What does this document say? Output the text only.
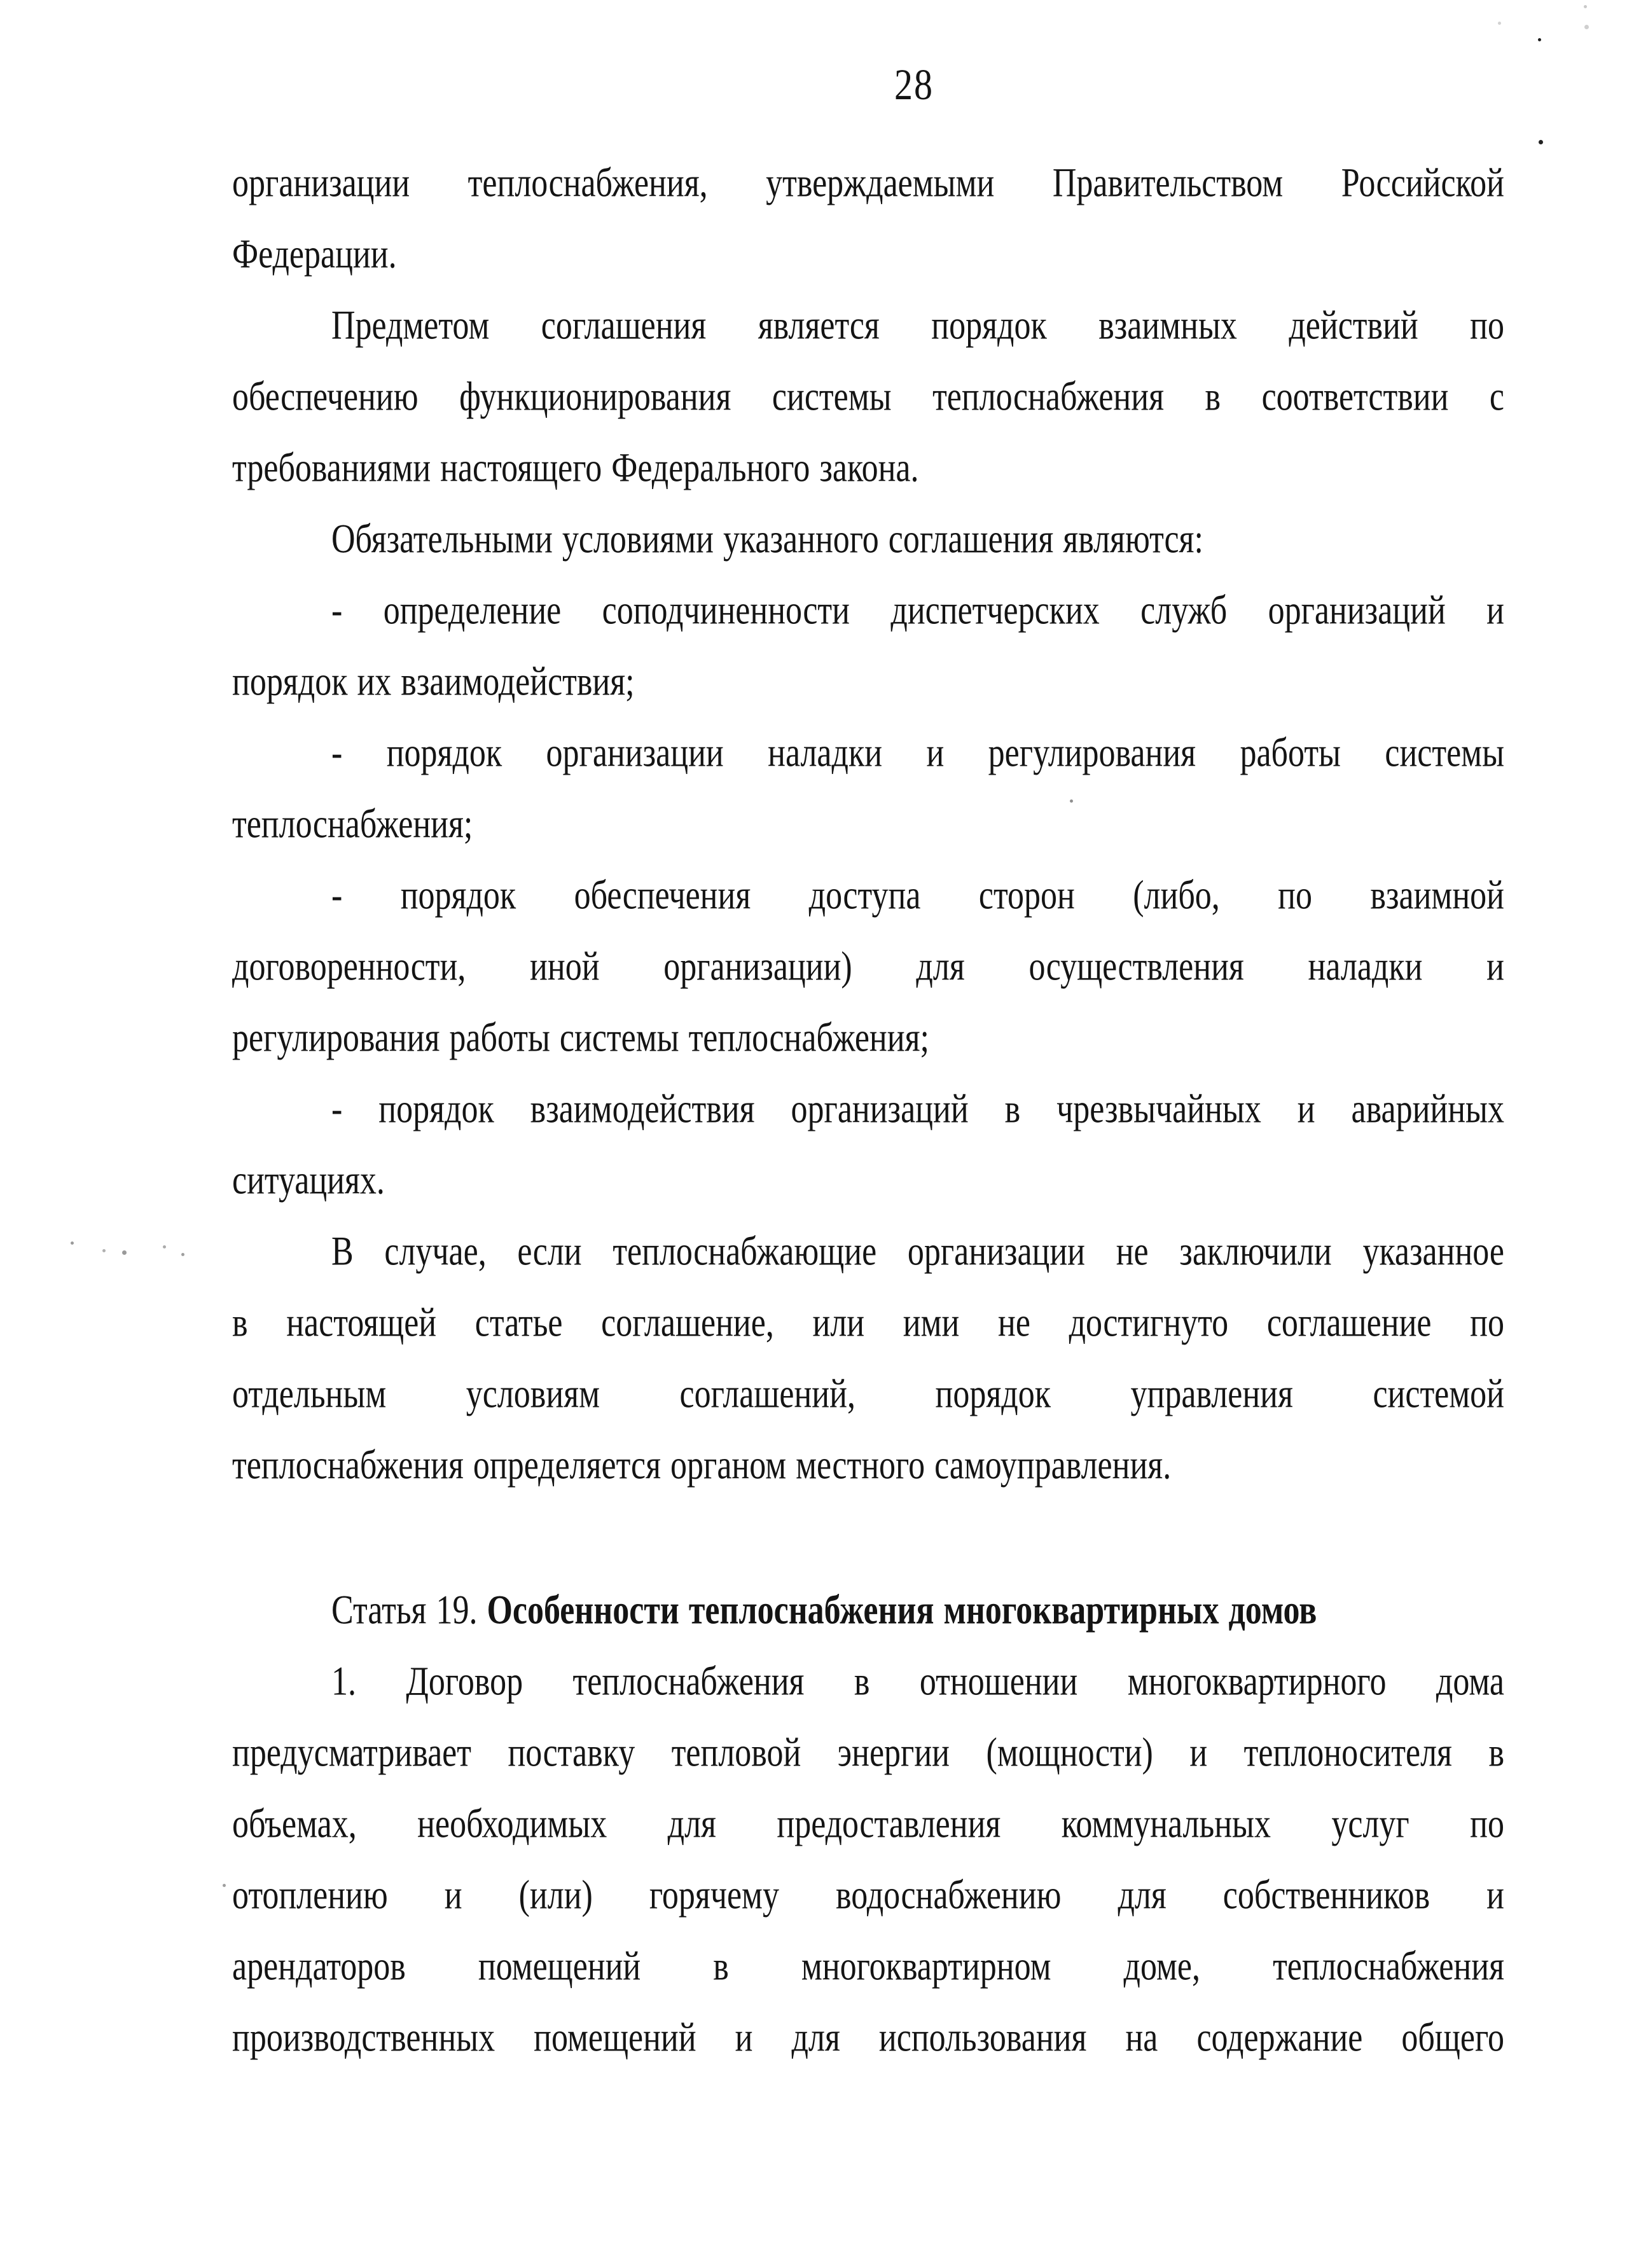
28
организации теплоснабжения, утверждаемыми Правительством Российской
Федерации.
Предметом соглашения является порядок взаимных действий по
обеспечению функционирования системы теплоснабжения в соответствии с
требованиями настоящего Федерального закона.
Обязательными условиями указанного соглашения являются:
- определение соподчиненности диспетчерских служб организаций и
порядок их взаимодействия;
- порядок организации наладки и регулирования работы системы
теплоснабжения;
- порядок обеспечения доступа сторон (либо, по взаимной
договоренности, иной организации) для осуществления наладки и
регулирования работы системы теплоснабжения;
- порядок взаимодействия организаций в чрезвычайных и аварийных
ситуациях.
В случае, если теплоснабжающие организации не заключили указанное
в настоящей статье соглашение, или ими не достигнуто соглашение по
отдельным условиям соглашений, порядок управления системой
теплоснабжения определяется органом местного самоуправления.
Статья 19. Особенности теплоснабжения многоквартирных домов
1. Договор теплоснабжения в отношении многоквартирного дома
предусматривает поставку тепловой энергии (мощности) и теплоносителя в
объемах, необходимых для предоставления коммунальных услуг по
отоплению и (или) горячему водоснабжению для собственников и
арендаторов помещений в многоквартирном доме, теплоснабжения
производственных помещений и для использования на содержание общего
